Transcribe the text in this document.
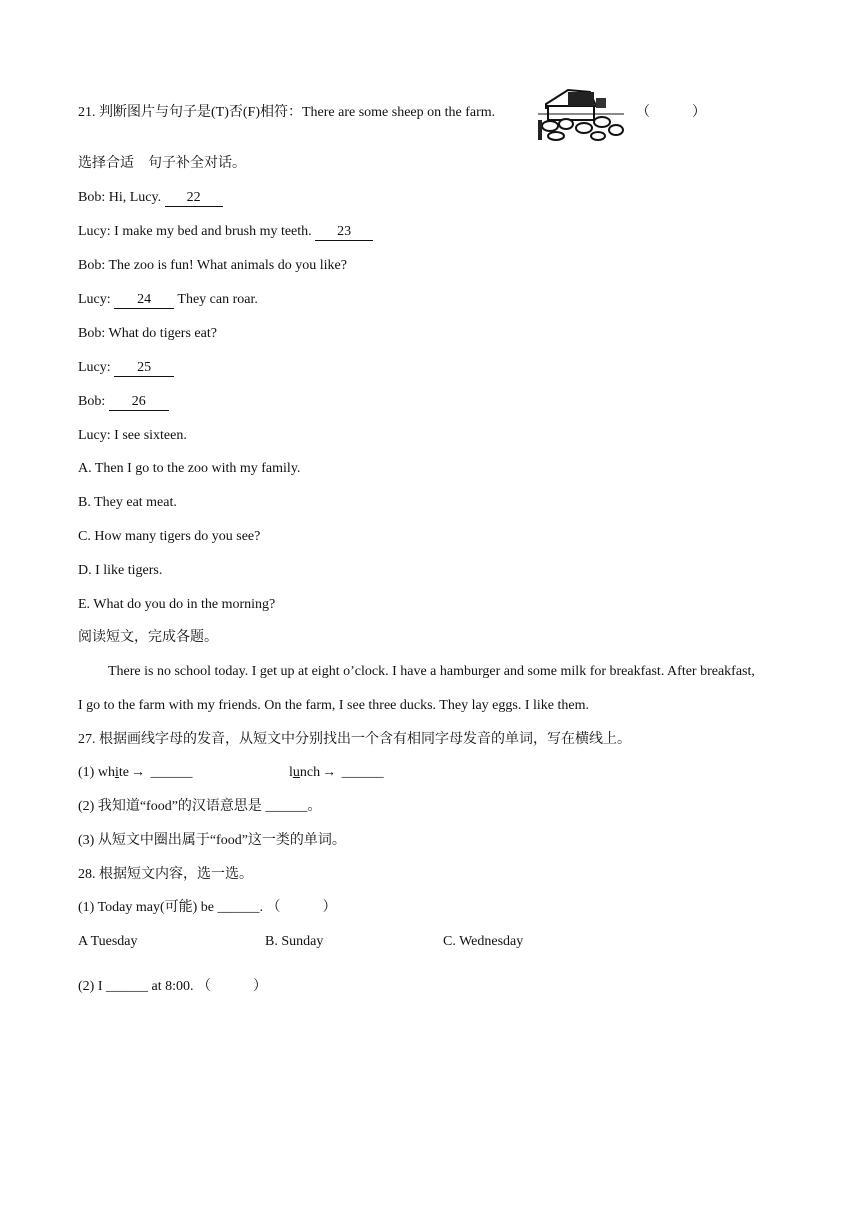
21. 判断图片与句子是(T)否(F)相符：There are some sheep on the farm.	（　　　）
选择合适　句子补全对话。
Bob: Hi, Lucy. 22
Lucy: I make my bed and brush my teeth. 23
Bob: The zoo is fun! What animals do you like?
Lucy: 24 They can roar.
Bob: What do tigers eat?
Lucy: 25
Bob: 26
Lucy: I see sixteen.
A. Then I go to the zoo with my family.
B. They eat meat.
C. How many tigers do you see?
D. I like tigers.
E. What do you do in the morning?
阅读短文，完成各题。
There is no school today. I get up at eight o’clock. I have a hamburger and some milk for breakfast. After breakfast, I go to the farm with my friends. On the farm, I see three ducks. They lay eggs. I like them.
27. 根据画线字母的发音，从短文中分别找出一个含有相同字母发音的单词，写在横线上。
(1) white → ______	lunch → ______
(2) 我知道“food”的汉语意思是 ______。
(3) 从短文中圈出属于“food”这一类的单词。
28. 根据短文内容，选一选。
(1) Today may(可能) be ______. （　　　）
A Tuesday	B. Sunday	C. Wednesday
(2) I ______ at 8:00. （　　　）
